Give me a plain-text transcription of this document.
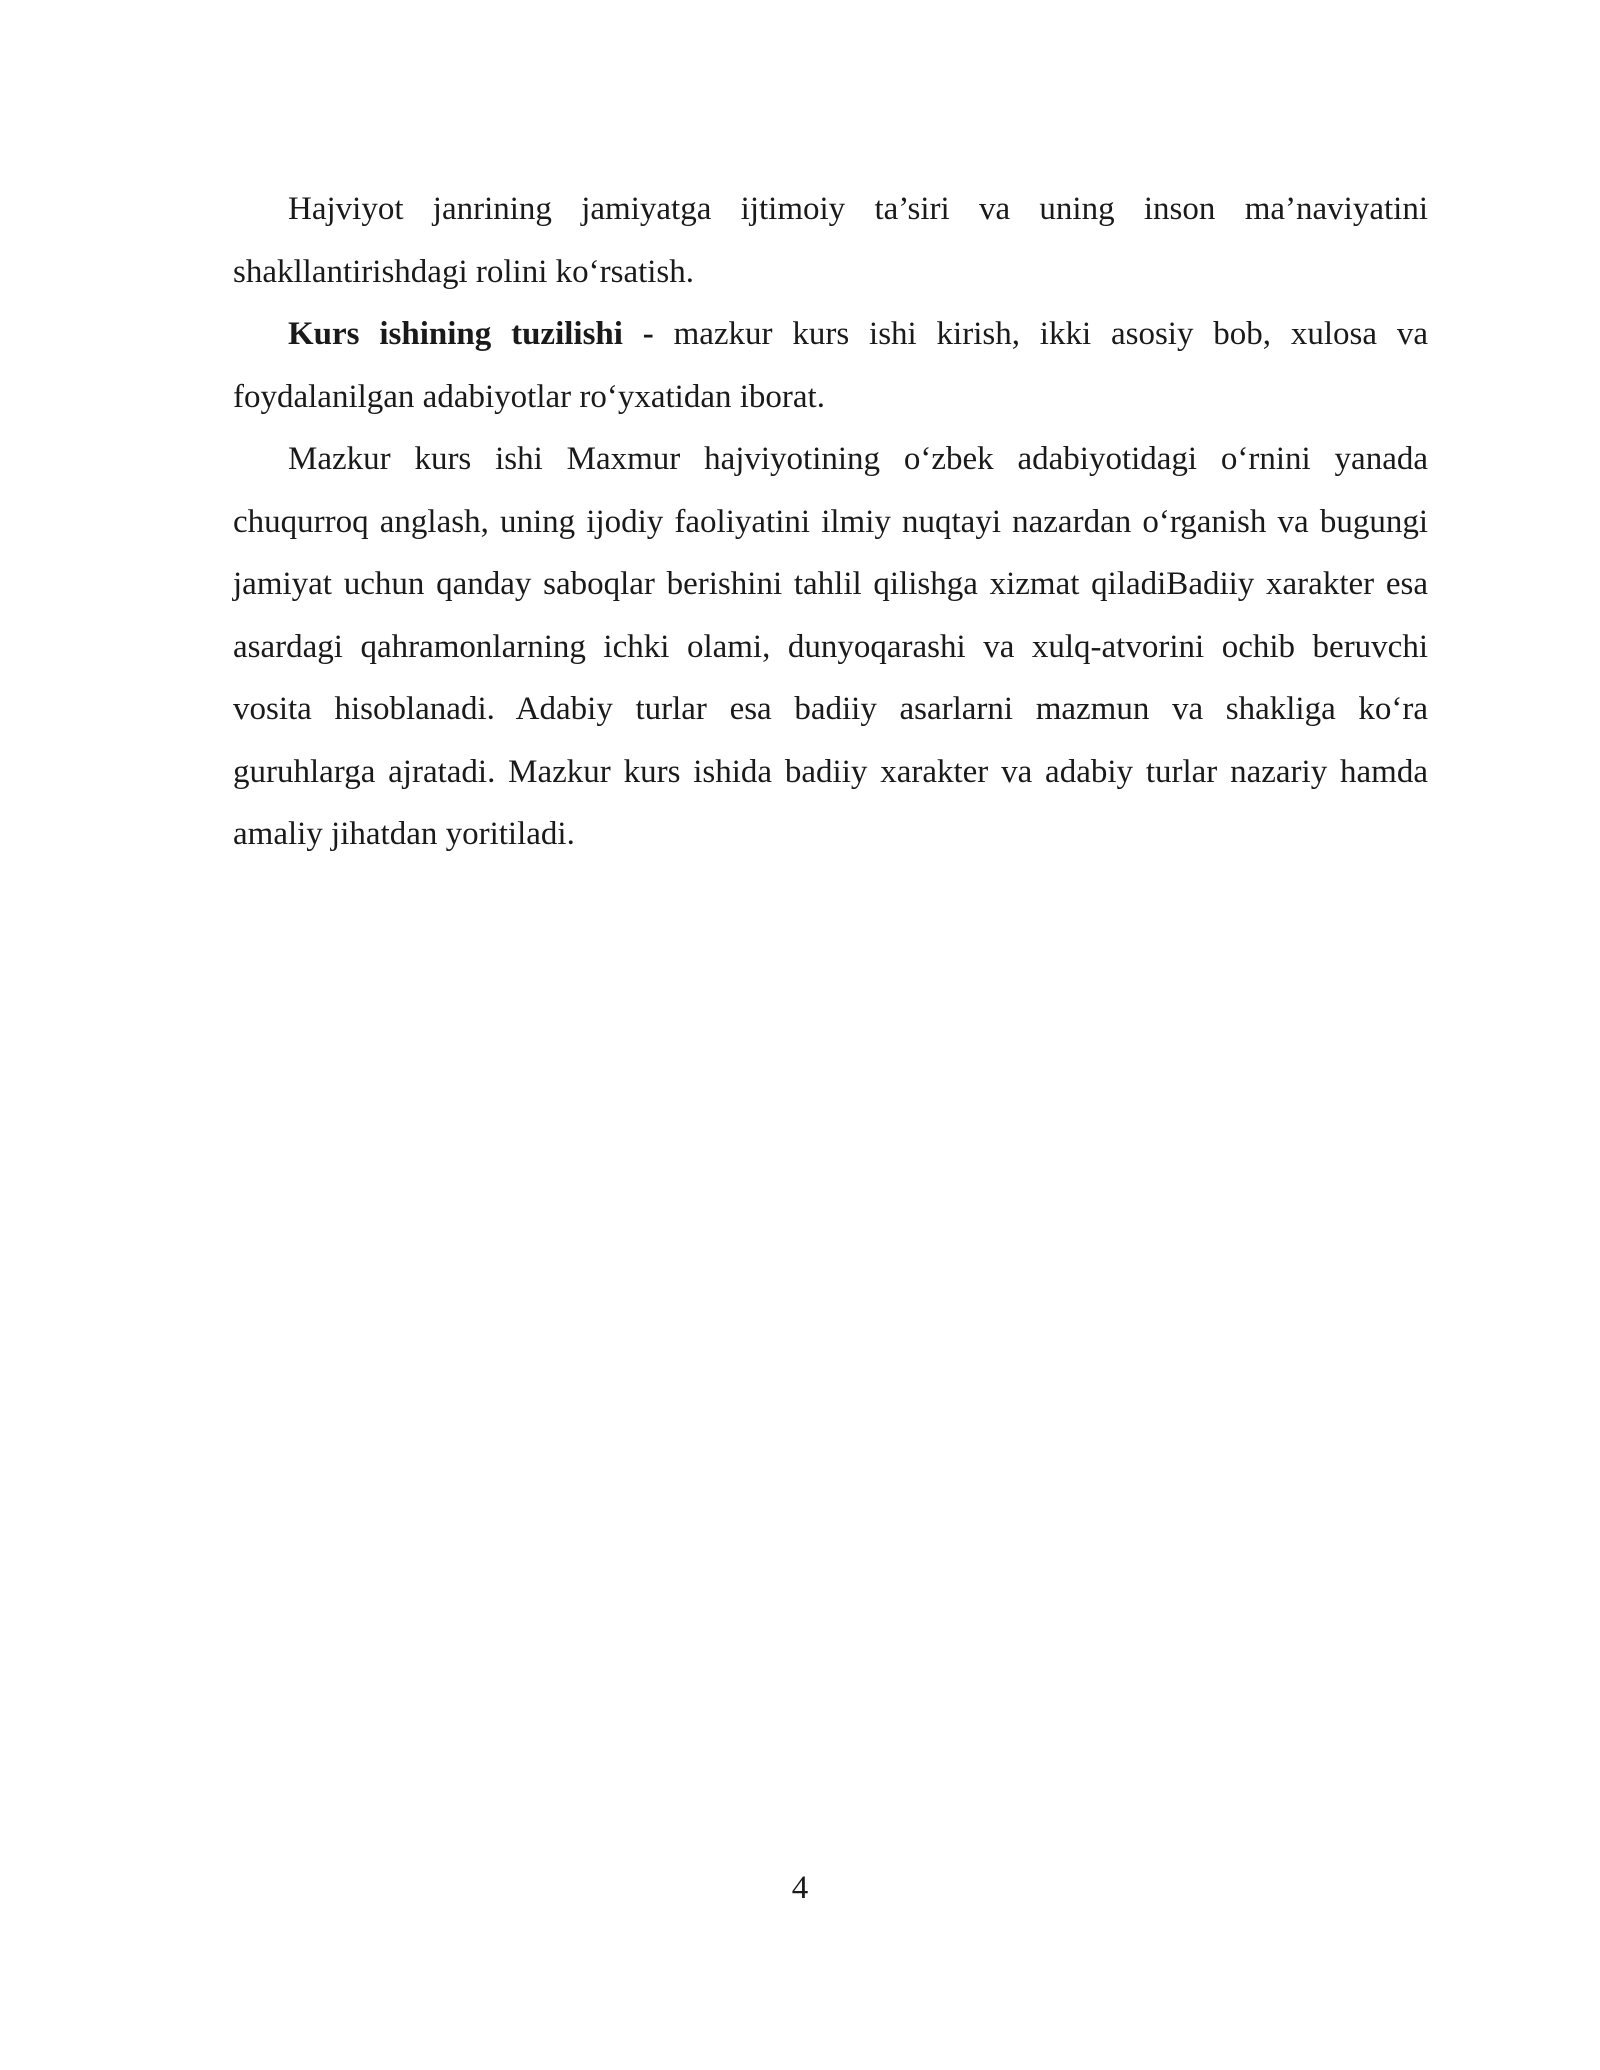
Hajviyot janrining jamiyatga ijtimoiy ta’siri va uning inson ma’naviyatini shakllantirishdagi rolini ko‘rsatish.

Kurs ishining tuzilishi - mazkur kurs ishi kirish, ikki asosiy bob, xulosa va foydalanilgan adabiyotlar ro‘yxatidan iborat.

Mazkur kurs ishi Maxmur hajviyotining o‘zbek adabiyotidagi o‘rnini yanada chuqurroq anglash, uning ijodiy faoliyatini ilmiy nuqtayi nazardan o‘rganish va bugungi jamiyat uchun qanday saboqlar berishini tahlil qilishga xizmat qiladiBadiiy xarakter esa asardagi qahramonlarning ichki olami, dunyoqarashi va xulq-atvorini ochib beruvchi vosita hisoblanadi. Adabiy turlar esa badiiy asarlarni mazmun va shakliga ko‘ra guruhlarga ajratadi. Mazkur kurs ishida badiiy xarakter va adabiy turlar nazariy hamda amaliy jihatdan yoritiladi.

4
